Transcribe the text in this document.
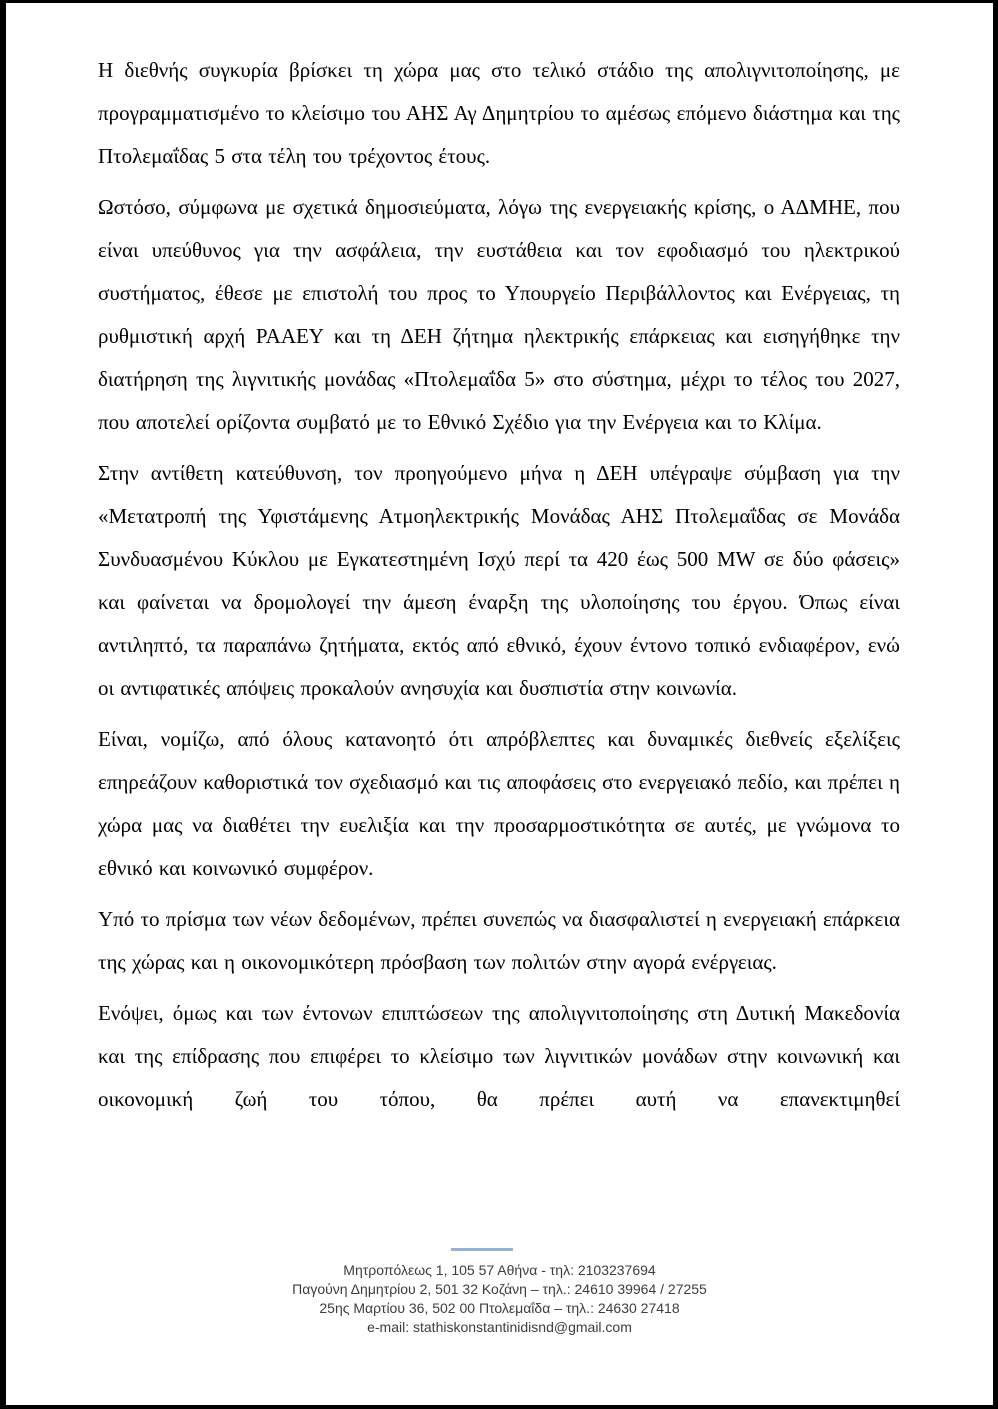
Η διεθνής συγκυρία βρίσκει τη χώρα μας στο τελικό στάδιο της απολιγνιτοποίησης, με προγραμματισμένο το κλείσιμο του ΑΗΣ Αγ Δημητρίου το αμέσως επόμενο διάστημα και της Πτολεμαΐδας 5 στα τέλη του τρέχοντος έτους.

Ωστόσο, σύμφωνα με σχετικά δημοσιεύματα, λόγω της ενεργειακής κρίσης, ο ΑΔΜΗΕ, που είναι υπεύθυνος για την ασφάλεια, την ευστάθεια και τον εφοδιασμό του ηλεκτρικού συστήματος, έθεσε με επιστολή του προς το Υπουργείο Περιβάλλοντος και Ενέργειας, τη ρυθμιστική αρχή ΡΑΑΕΥ και τη ΔΕΗ ζήτημα ηλεκτρικής επάρκειας και εισηγήθηκε την διατήρηση της λιγνιτικής μονάδας «Πτολεμαΐδα 5» στο σύστημα, μέχρι το τέλος του 2027, που αποτελεί ορίζοντα συμβατό με το Εθνικό Σχέδιο για την Ενέργεια και το Κλίμα.

Στην αντίθετη κατεύθυνση, τον προηγούμενο μήνα η ΔΕΗ υπέγραψε σύμβαση για την «Μετατροπή της Υφιστάμενης Ατμοηλεκτρικής Μονάδας ΑΗΣ Πτολεμαΐδας σε Μονάδα Συνδυασμένου Κύκλου με Εγκατεστημένη Ισχύ περί τα 420 έως 500 MW σε δύο φάσεις» και φαίνεται να δρομολογεί την άμεση έναρξη της υλοποίησης του έργου. Όπως είναι αντιληπτό, τα παραπάνω ζητήματα, εκτός από εθνικό, έχουν έντονο τοπικό ενδιαφέρον, ενώ οι αντιφατικές απόψεις προκαλούν ανησυχία και δυσπιστία στην κοινωνία.

Είναι, νομίζω, από όλους κατανοητό ότι απρόβλεπτες και δυναμικές διεθνείς εξελίξεις επηρεάζουν καθοριστικά τον σχεδιασμό και τις αποφάσεις στο ενεργειακό πεδίο, και πρέπει η χώρα μας να διαθέτει την ευελιξία και την προσαρμοστικότητα σε αυτές, με γνώμονα το εθνικό και κοινωνικό συμφέρον.

Υπό το πρίσμα των νέων δεδομένων, πρέπει συνεπώς να διασφαλιστεί η ενεργειακή επάρκεια της χώρας και η οικονομικότερη πρόσβαση των πολιτών στην αγορά ενέργειας.

Ενόψει, όμως και των έντονων επιπτώσεων της απολιγνιτοποίησης στη Δυτική Μακεδονία και της επίδρασης που επιφέρει το κλείσιμο των λιγνιτικών μονάδων στην κοινωνική και οικονομική ζωή του τόπου, θα πρέπει αυτή να επανεκτιμηθεί

Μητροπόλεως 1, 105 57 Αθήνα - τηλ: 2103237694
Παγούνη Δημητρίου 2, 501 32 Κοζάνη – τηλ.: 24610 39964 / 27255
25ης Μαρτίου 36, 502 00 Πτολεμαΐδα – τηλ.: 24630 27418
e-mail: stathiskonstantinidisnd@gmail.com
